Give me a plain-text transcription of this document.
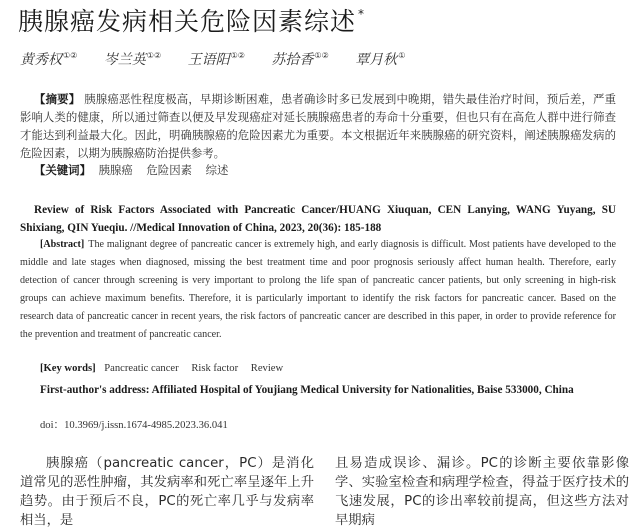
胰腺癌发病相关危险因素综述 *
黄秀权①② 岑兰英①② 王语阳①② 苏拾香①② 覃月秋①

【摘要】 胰腺癌恶性程度极高，早期诊断困难，患者确诊时多已发展到中晚期，错失最佳治疗时间，预后差，严重影响人类的健康，所以通过筛查以便及早发现癌症对延长胰腺癌患者的寿命十分重要，但也只有在高危人群中进行筛查才能达到利益最大化。因此，明确胰腺癌的危险因素尤为重要。本文根据近年来胰腺癌的研究资料，阐述胰腺癌发病的危险因素，以期为胰腺癌防治提供参考。

【关键词】 胰腺癌 危险因素 综述

Review of Risk Factors Associated with Pancreatic Cancer/HUANG Xiuquan, CEN Lanying, WANG Yuyang, SU Shixiang, QIN Yueqiu. //Medical Innovation of China, 2023, 20(36): 185-188

[Abstract] The malignant degree of pancreatic cancer is extremely high, and early diagnosis is difficult. Most patients have developed to the middle and late stages when diagnosed, missing the best treatment time and poor prognosis seriously affect human health. Therefore, early detection of cancer through screening is very important to prolong the life span of pancreatic cancer patients, but only screening in high-risk groups can achieve maximum benefits. Therefore, it is particularly important to identify the risk factors for pancreatic cancer. Based on the research data of pancreatic cancer in recent years, the risk factors of pancreatic cancer are described in this paper, in order to provide reference for the prevention and treatment of pancreatic cancer.

[Key words] Pancreatic cancer Risk factor Review

First-author's address: Affiliated Hospital of Youjiang Medical University for Nationalities, Baise 533000, China

doi：10.3969/j.issn.1674-4985.2023.36.041

胰腺癌（pancreatic cancer，PC）是消化道常见的恶性肿瘤，其发病率和死亡率呈逐年上升趋势。由于预后不良，PC的死亡率几乎与发病率相当，是

且易造成误诊、漏诊。PC的诊断主要依靠影像学、实验室检查和病理学检查，得益于医疗技术的飞速发展，PC的诊出率较前提高，但这些方法对早期病
